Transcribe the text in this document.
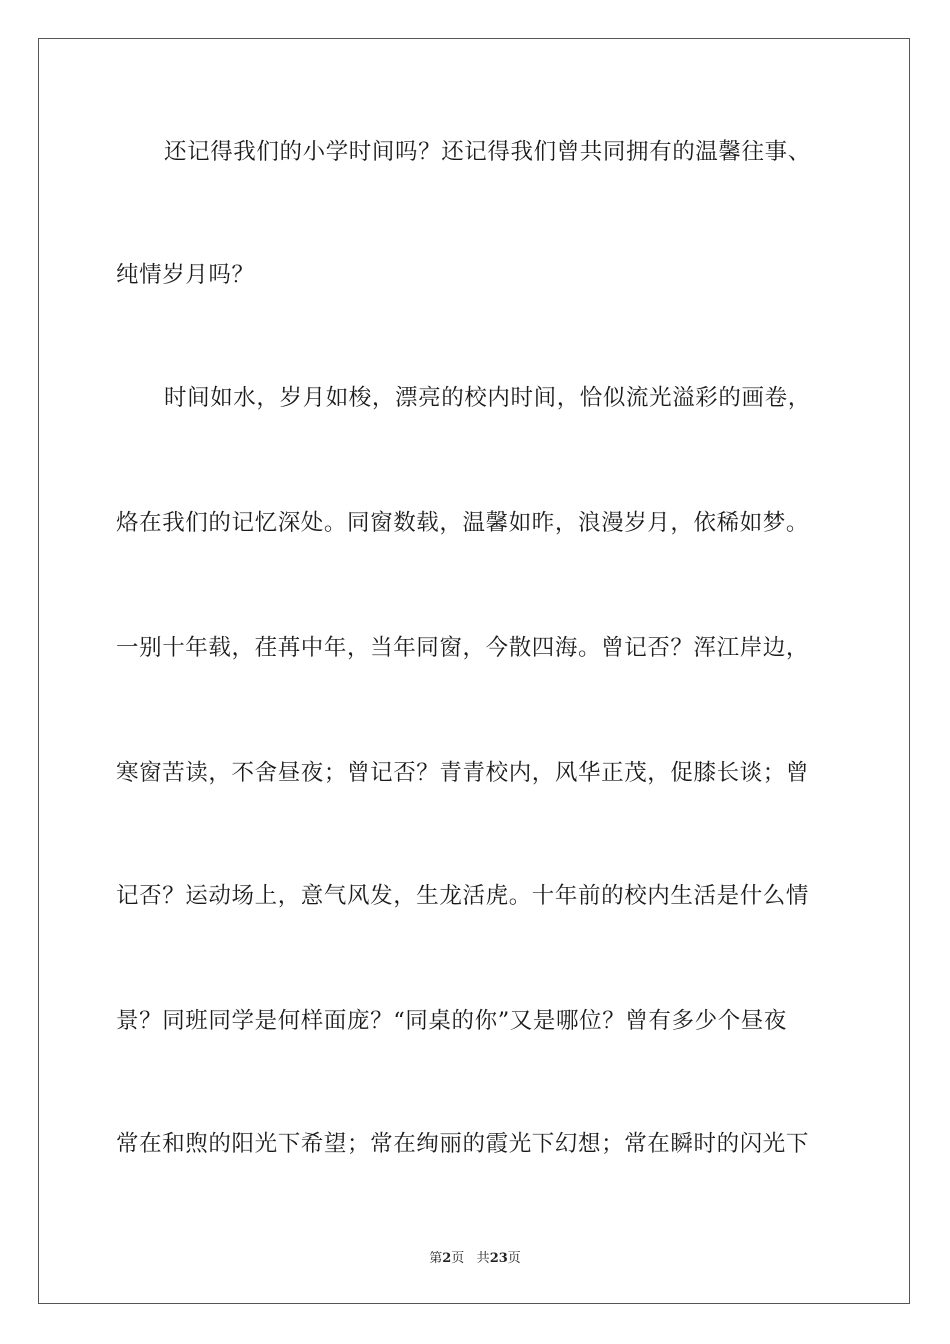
还记得我们的小学时间吗？还记得我们曾共同拥有的温馨往事、
纯情岁月吗？
时间如水，岁月如梭，漂亮的校内时间，恰似流光溢彩的画卷，
烙在我们的记忆深处。同窗数载，温馨如昨，浪漫岁月，依稀如梦。
一别十年载，荏苒中年，当年同窗，今散四海。曾记否？浑江岸边，
寒窗苦读，不舍昼夜；曾记否？青青校内，风华正茂，促膝长谈；曾
记否？运动场上，意气风发，生龙活虎。十年前的校内生活是什么情
景？同班同学是何样面庞？“同桌的你”又是哪位？曾有多少个昼夜
常在和煦的阳光下希望；常在绚丽的霞光下幻想；常在瞬时的闪光下
第2页 共23页
